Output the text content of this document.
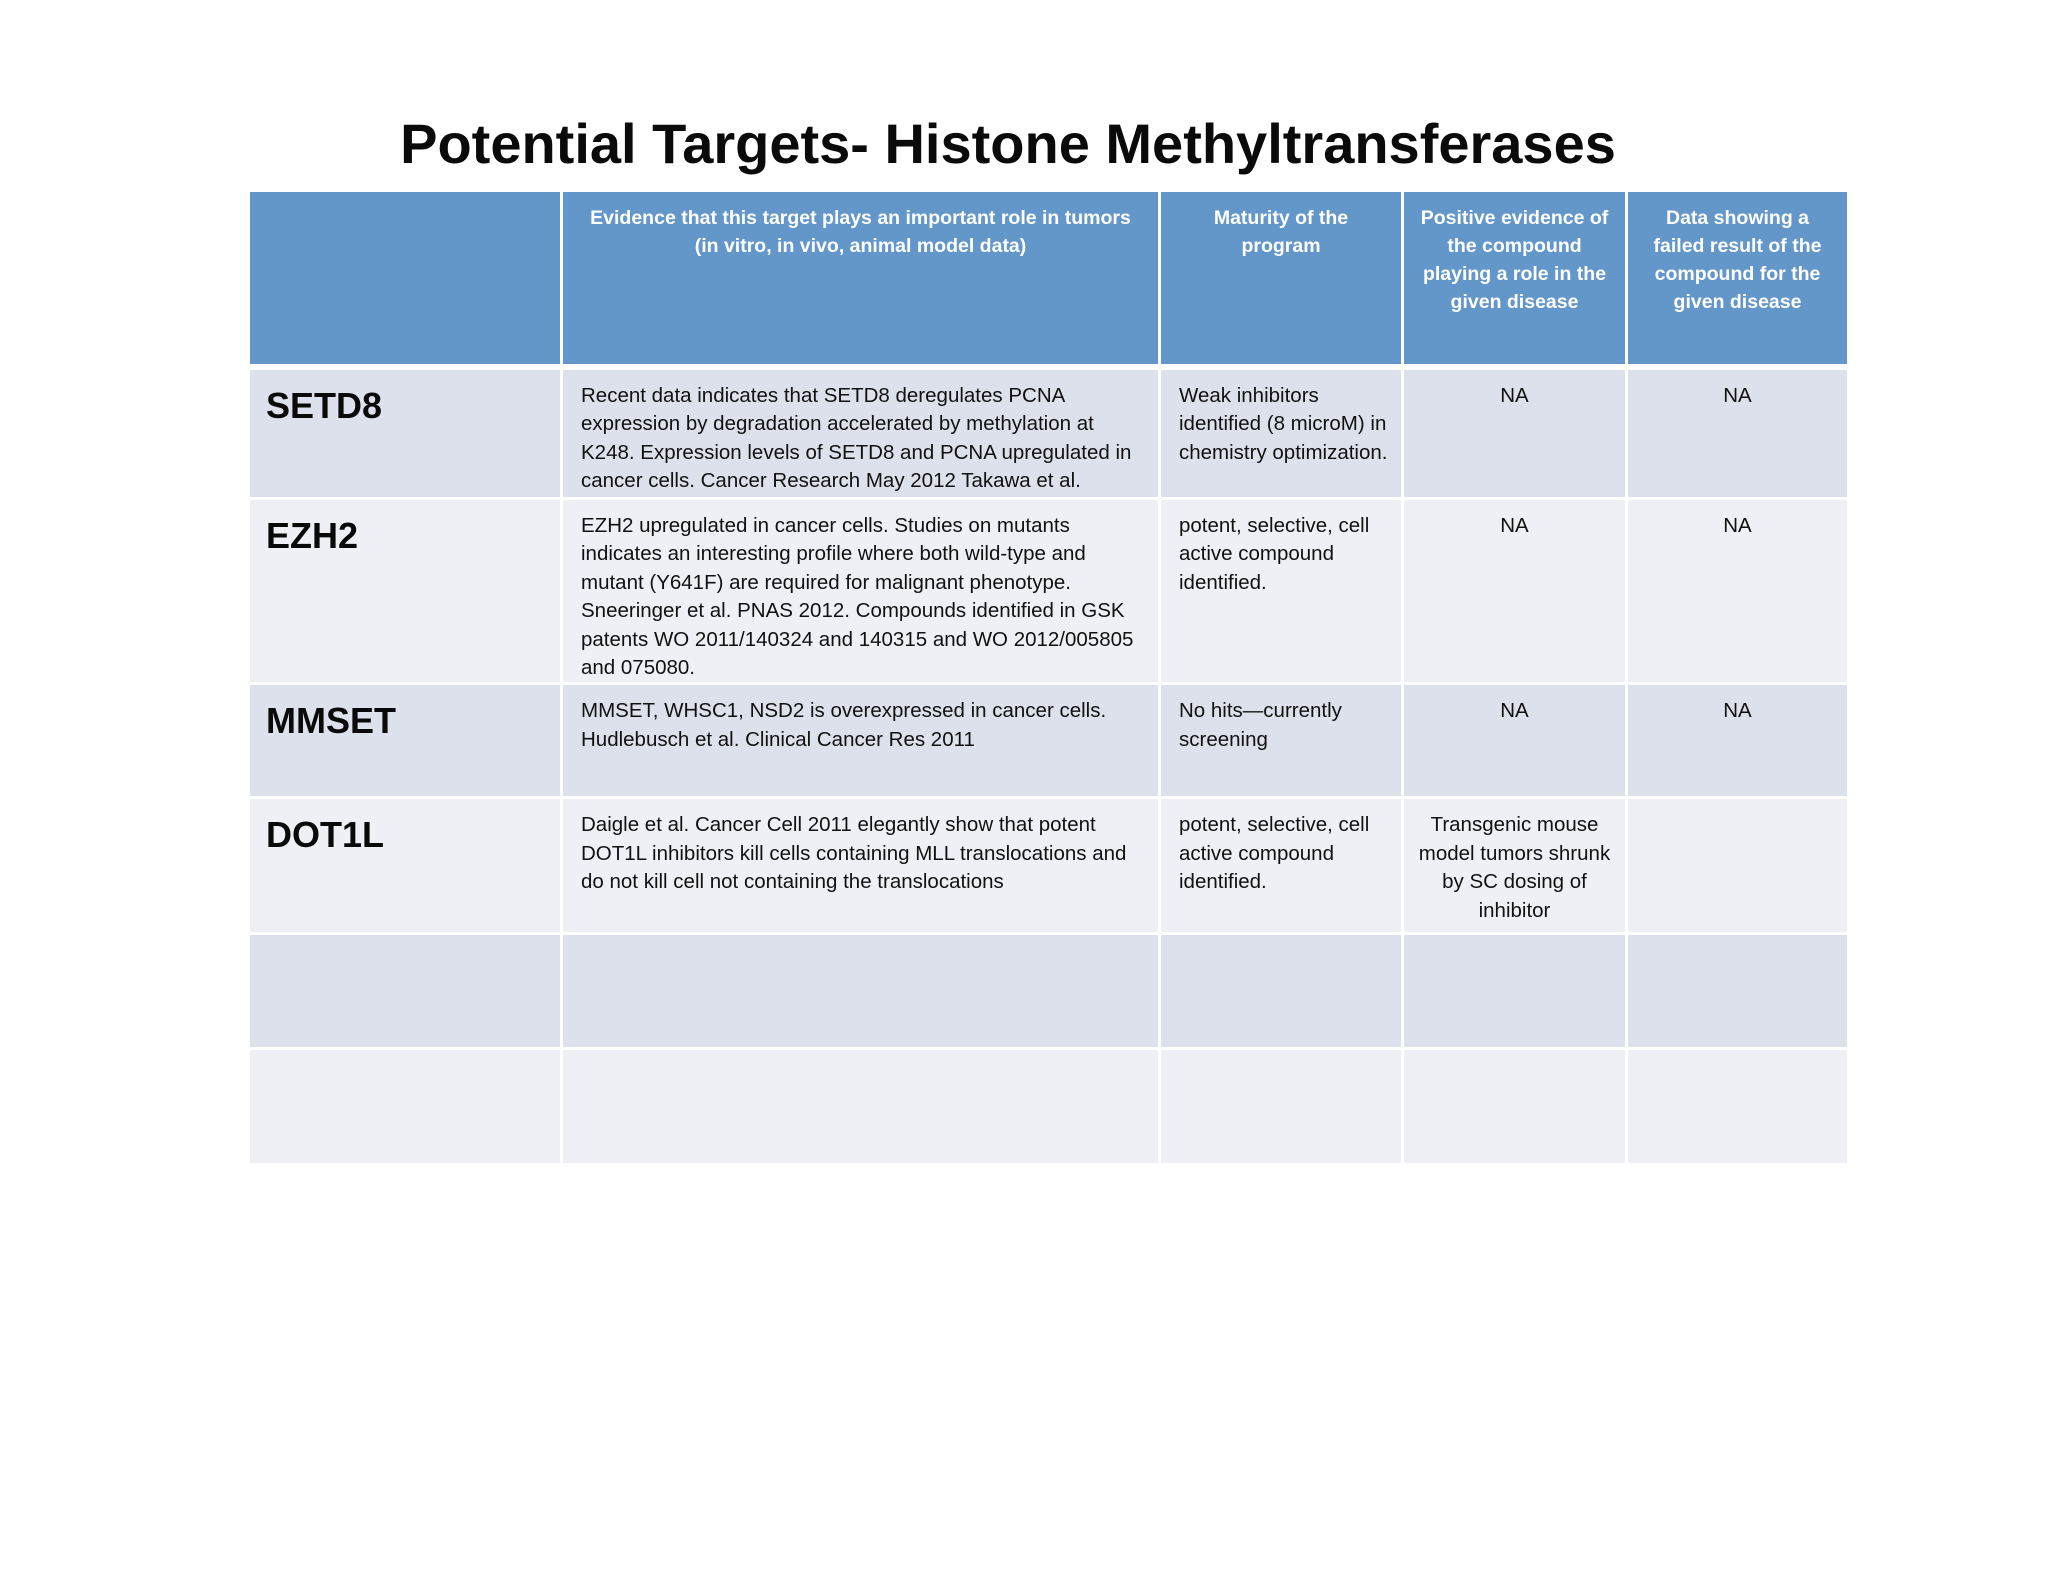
Potential Targets- Histone Methyltransferases
	Evidence that this target plays an important role in tumors (in vitro, in vivo, animal model data)	Maturity of the program	Positive evidence of the compound playing a role in the given disease	Data showing a failed result of the compound for the given disease
SETD8	Recent data indicates that SETD8 deregulates PCNA expression by degradation accelerated by methylation at K248. Expression levels of SETD8 and PCNA upregulated in cancer cells. Cancer Research May 2012 Takawa et al.	Weak inhibitors identified (8 microM) in chemistry optimization.	NA	NA
EZH2	EZH2 upregulated in cancer cells. Studies on mutants indicates an interesting profile where both wild-type and mutant (Y641F) are required for malignant phenotype. Sneeringer et al. PNAS 2012. Compounds identified in GSK patents WO 2011/140324 and 140315 and WO 2012/005805 and 075080.	potent, selective, cell active compound identified.	NA	NA
MMSET	MMSET, WHSC1, NSD2 is overexpressed in cancer cells. Hudlebusch et al. Clinical Cancer Res 2011	No hits—currently screening	NA	NA
DOT1L	Daigle et al. Cancer Cell 2011 elegantly show that potent DOT1L inhibitors kill cells containing MLL translocations and do not kill cell not containing the translocations	potent, selective, cell active compound identified.	Transgenic mouse model tumors shrunk by SC dosing of inhibitor	
